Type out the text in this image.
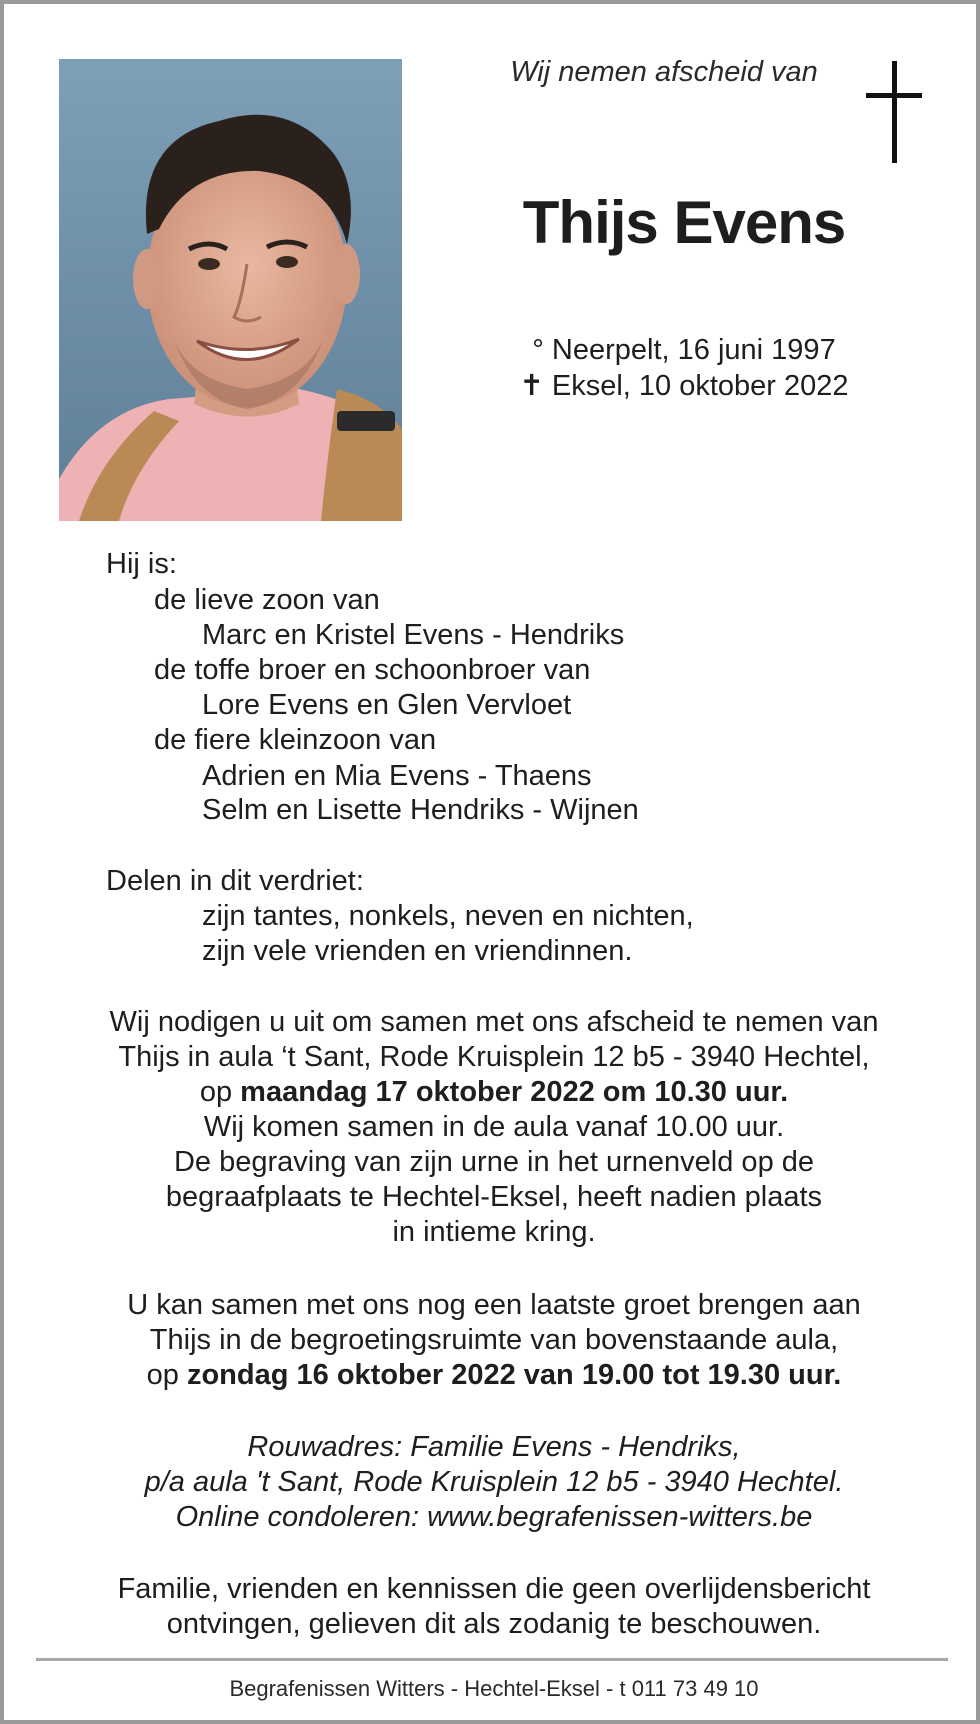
Wij nemen afscheid van
Thijs Evens
° Neerpelt, 16 juni 1997
✝ Eksel, 10 oktober 2022
Hij is:
de lieve zoon van
Marc en Kristel Evens - Hendriks
de toffe broer en schoonbroer van
Lore Evens en Glen Vervloet
de fiere kleinzoon van
Adrien en Mia Evens - Thaens
Selm en Lisette Hendriks - Wijnen
Delen in dit verdriet:
zijn tantes, nonkels, neven en nichten,
zijn vele vrienden en vriendinnen.
Wij nodigen u uit om samen met ons afscheid te nemen van
Thijs in aula ‘t Sant, Rode Kruisplein 12 b5 - 3940 Hechtel,
op maandag 17 oktober 2022 om 10.30 uur.
Wij komen samen in de aula vanaf 10.00 uur.
De begraving van zijn urne in het urnenveld op de
begraafplaats te Hechtel-Eksel, heeft nadien plaats
in intieme kring.
U kan samen met ons nog een laatste groet brengen aan
Thijs in de begroetingsruimte van bovenstaande aula,
op zondag 16 oktober 2022 van 19.00 tot 19.30 uur.
Rouwadres: Familie Evens - Hendriks,
p/a aula 't Sant, Rode Kruisplein 12 b5 - 3940 Hechtel.
Online condoleren: www.begrafenissen-witters.be
Familie, vrienden en kennissen die geen overlijdensbericht
ontvingen, gelieven dit als zodanig te beschouwen.
Begrafenissen Witters - Hechtel-Eksel - t 011 73 49 10
